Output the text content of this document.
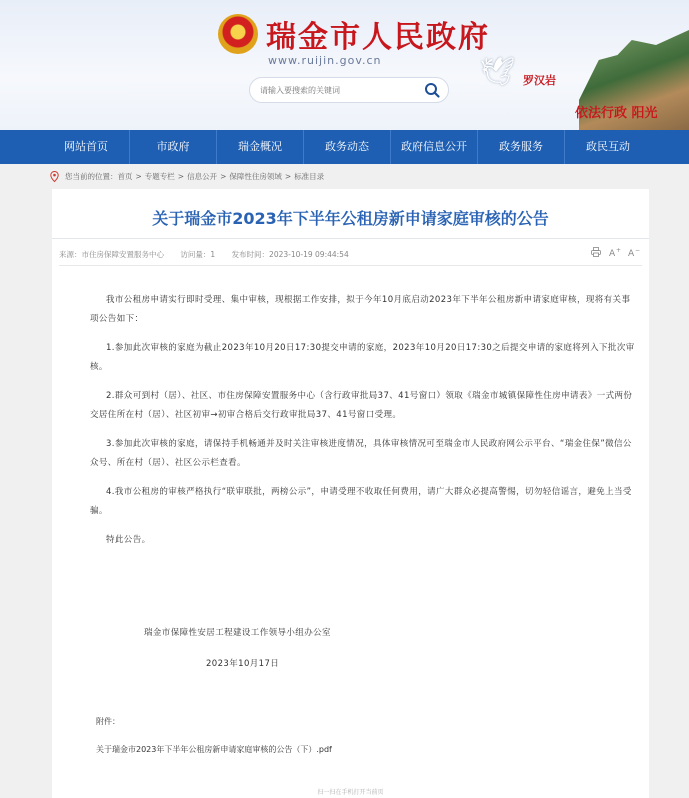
瑞金市人民政府
www.ruijin.gov.cn
请输入要搜索的关键词	🕊 罗汉岩
依法行政 阳光
网站首页	市政府	瑞金概况	政务动态	政府信息公开	政务服务	政民互动
您当前的位置： 首页 > 专题专栏 > 信息公开 > 保障性住房领域 > 标准目录
关于瑞金市2023年下半年公租房新申请家庭审核的公告
来源：市住房保障安置服务中心 访问量：1 发布时间：2023-10-19 09:44:54	A + A −

我市公租房申请实行即时受理、集中审核，现根据工作安排，拟于今年10月底启动2023年下半年公租房新申请家庭审核，现将有关事项公告如下：

1.参加此次审核的家庭为截止2023年10月20日17:30提交申请的家庭，2023年10月20日17:30之后提交申请的家庭将列入下批次审核。

2.群众可到村（居）、社区、市住房保障安置服务中心（含行政审批局37、41号窗口）领取《瑞金市城镇保障性住房申请表》一式两份交居住所在村（居）、社区初审→初审合格后交行政审批局37、41号窗口受理。

3.参加此次审核的家庭，请保持手机畅通并及时关注审核进度情况，具体审核情况可至瑞金市人民政府网公示平台、“瑞金住保”微信公众号、所在村（居）、社区公示栏查看。

4.我市公租房的审核严格执行“联审联批，两榜公示”，申请受理不收取任何费用，请广大群众必提高警惕，切勿轻信谣言，避免上当受骗。

特此公告。

瑞金市保障性安居工程建设工作领导小组办公室
2023年10月17日
附件：
关于瑞金市2023年下半年公租房新申请家庭审核的公告（下）.pdf
扫一扫在手机打开当前页
